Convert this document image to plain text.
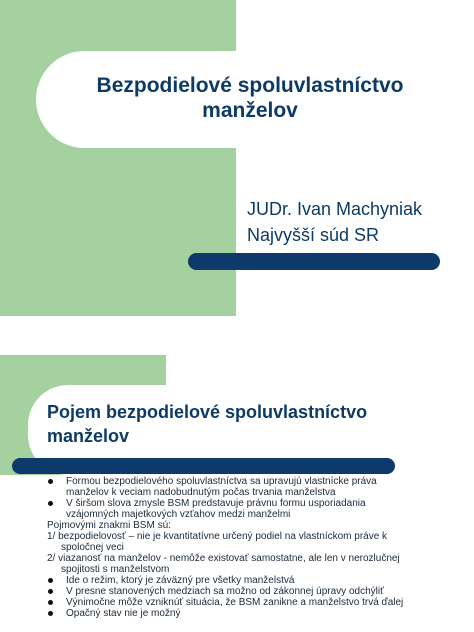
Bezpodielové spoluvlastníctvo manželov
JUDr. Ivan Machyniak
Najvyšší súd SR
Pojem bezpodielové spoluvlastníctvo manželov
Formou bezpodielového spoluvlastníctva sa upravujú vlastnícke práva manželov k veciam nadobudnutým počas trvania manželstva
V širšom slova zmysle BSM predstavuje právnu formu usporiadania vzájomných majetkových vzťahov medzi manželmi
Pojmovými znakmi BSM sú:
1/ bezpodielovosť – nie je kvantitatívne určený podiel na vlastníckom práve k
spoločnej veci
2/ viazanosť na manželov - nemôže existovať samostatne, ale len v nerozlučnej
spojitosti s manželstvom
Ide o režim, ktorý je záväzný pre všetky manželstvá
V presne stanovených medziach sa možno od zákonnej úpravy odchýliť
Výnimočne môže vzniknúť situácia, že BSM zanikne a manželstvo trvá ďalej
Opačný stav nie je možný
